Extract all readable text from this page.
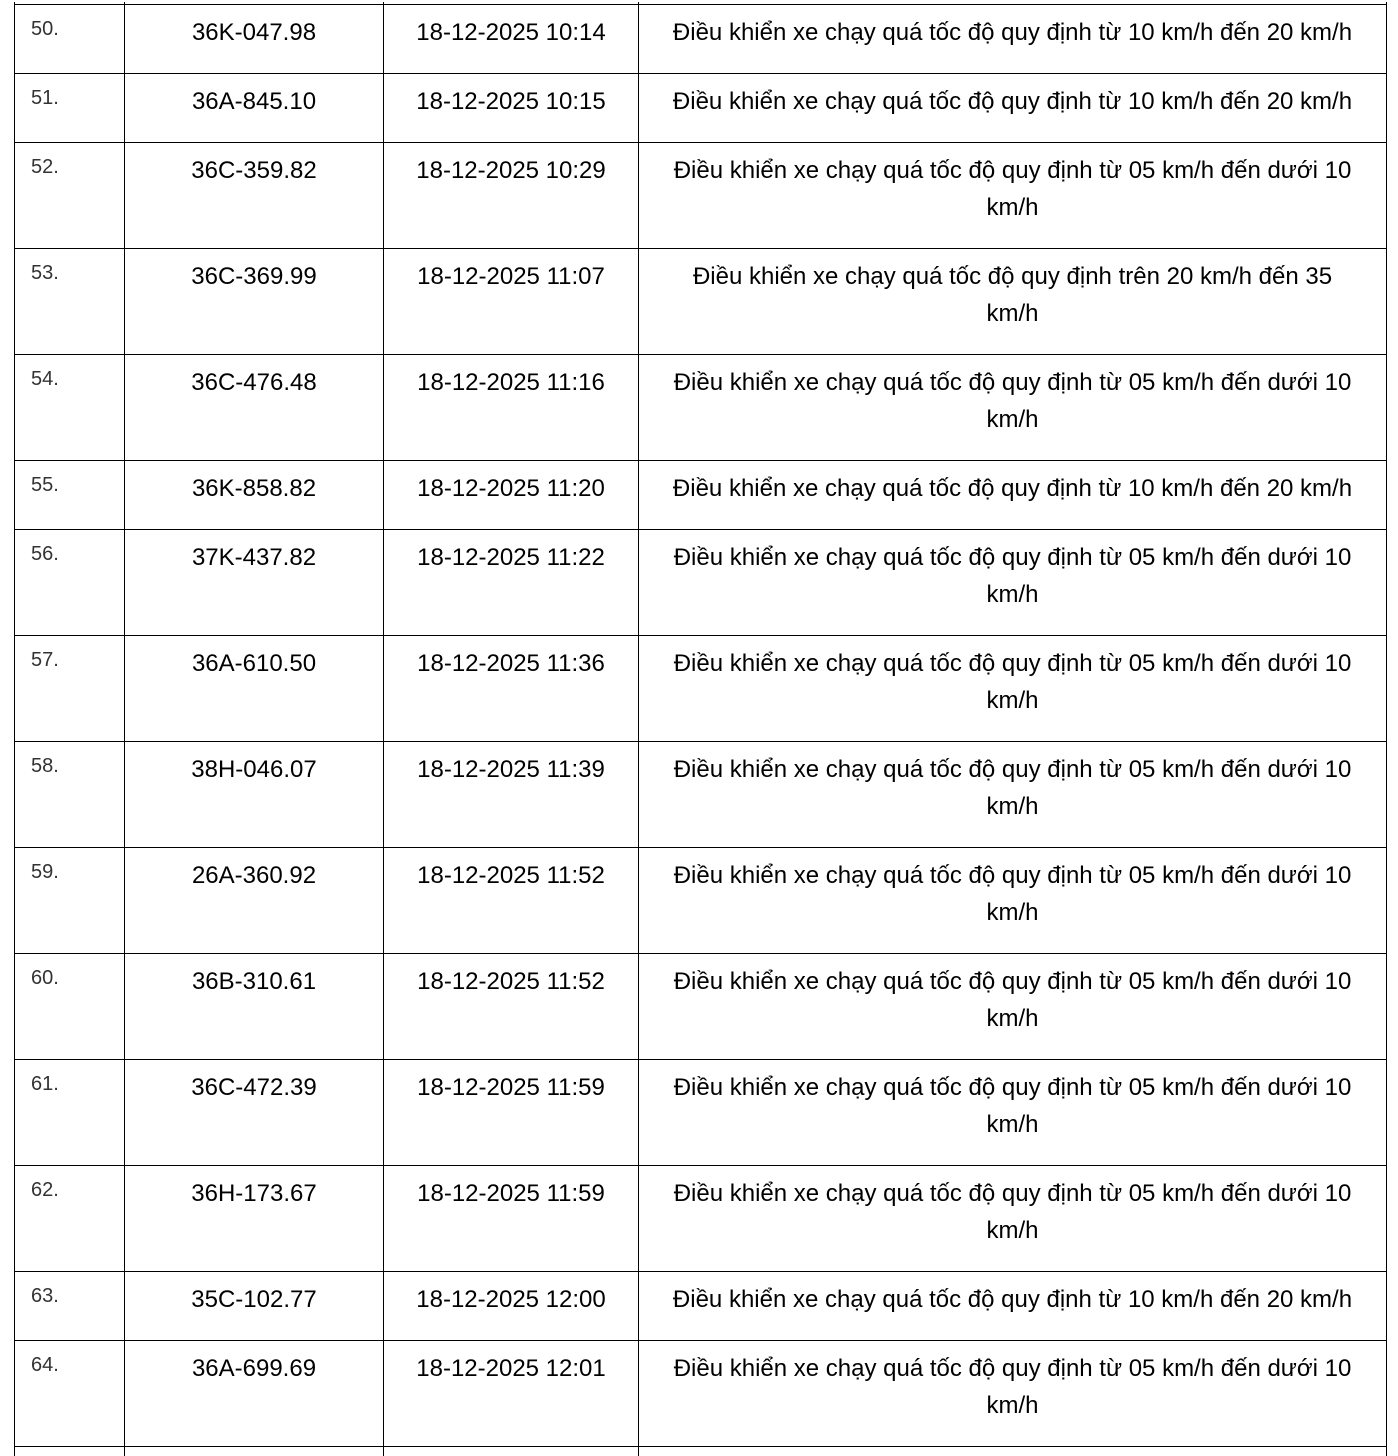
50.	36K-047.98	18-12-2025 10:14	Điều khiển xe chạy quá tốc độ quy định từ 10 km/h đến 20 km/h
51.	36A-845.10	18-12-2025 10:15	Điều khiển xe chạy quá tốc độ quy định từ 10 km/h đến 20 km/h
52.	36C-359.82	18-12-2025 10:29	Điều khiển xe chạy quá tốc độ quy định từ 05 km/h đến dưới 10 km/h
53.	36C-369.99	18-12-2025 11:07	Điều khiển xe chạy quá tốc độ quy định trên 20 km/h đến 35 km/h
54.	36C-476.48	18-12-2025 11:16	Điều khiển xe chạy quá tốc độ quy định từ 05 km/h đến dưới 10 km/h
55.	36K-858.82	18-12-2025 11:20	Điều khiển xe chạy quá tốc độ quy định từ 10 km/h đến 20 km/h
56.	37K-437.82	18-12-2025 11:22	Điều khiển xe chạy quá tốc độ quy định từ 05 km/h đến dưới 10 km/h
57.	36A-610.50	18-12-2025 11:36	Điều khiển xe chạy quá tốc độ quy định từ 05 km/h đến dưới 10 km/h
58.	38H-046.07	18-12-2025 11:39	Điều khiển xe chạy quá tốc độ quy định từ 05 km/h đến dưới 10 km/h
59.	26A-360.92	18-12-2025 11:52	Điều khiển xe chạy quá tốc độ quy định từ 05 km/h đến dưới 10 km/h
60.	36B-310.61	18-12-2025 11:52	Điều khiển xe chạy quá tốc độ quy định từ 05 km/h đến dưới 10 km/h
61.	36C-472.39	18-12-2025 11:59	Điều khiển xe chạy quá tốc độ quy định từ 05 km/h đến dưới 10 km/h
62.	36H-173.67	18-12-2025 11:59	Điều khiển xe chạy quá tốc độ quy định từ 05 km/h đến dưới 10 km/h
63.	35C-102.77	18-12-2025 12:00	Điều khiển xe chạy quá tốc độ quy định từ 10 km/h đến 20 km/h
64.	36A-699.69	18-12-2025 12:01	Điều khiển xe chạy quá tốc độ quy định từ 05 km/h đến dưới 10 km/h
